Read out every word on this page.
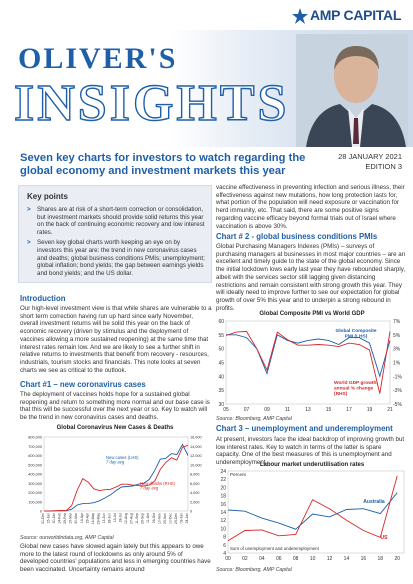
AMP CAPITAL
OLIVER'S
INSIGHTS
Seven key charts for investors to watch regarding the global economy and investment markets this year
28 JANUARY 2021
EDITION 3
Key points
> Shares are at risk of a short-term correction or consolidation, but investment markets should provide solid returns this year on the back of continuing economic recovery and low interest rates.
> Seven key global charts worth keeping an eye on by investors this year are: the trend in new coronavirus cases and deaths; global business conditions PMIs; unemployment; global inflation; bond yields; the gap between earnings yields and bond yields; and the US dollar.
Introduction
Our high-level investment view is that while shares are vulnerable to a short term correction having run up hard since early November, overall investment returns will be solid this year on the back of economic recovery (driven by stimulus and the deployment of vaccines allowing a more sustained reopening) at the same time that interest rates remain low. And we are likely to see a further shift in relative returns to investments that benefit from recovery - resources, industrials, tourism stocks and financials. This note looks at seven charts we see as critical to the outlook.
Chart #1 – new coronavirus cases
The deployment of vaccines holds hope for a sustained global reopening and return to something more normal and our base case is that this will be successful over the next year or so. Key to watch will be the trend in new coronavirus cases and deaths.
Global Coronavirus New Cases & Deaths
0
100,000
200,000
300,000
400,000
500,000
600,000
700,000
800,000
0
2,000
4,000
6,000
8,000
10,000
12,000
14,000
16,000
31-Dec 15-Jan 30-Jan 14-Feb 29-Feb 15-Mar 30-Mar 14-Apr 29-Apr 14-May 29-May 13-Jun 28-Jun 13-Jul 28-Jul 12-Aug 27-Aug 11-Sep 26-Sep 11-Oct 26-Oct 10-Nov 25-Nov 10-Dec 25-Dec 09-Jan 24-Jan
New cases (LHS) 7 day avg
New deaths (RHS) 7 day avg
Source: ourworldindata.org, AMP Capital
Global new cases have slowed again lately but this appears to owe more to the latest round of lockdowns as only around 5% of developed countries' populations and less in emerging countries have been vaccinated. Uncertainty remains around
vaccine effectiveness in preventing infection and serious illness, their effectiveness against new mutations, how long protection lasts for, what portion of the population will need exposure or vaccination for herd immunity, etc. That said, there are some positive signs regarding vaccine efficacy beyond formal trials out of Israel where vaccination is above 30%.
Chart # 2 - global business conditions PMIs
Global Purchasing Managers Indexes (PMIs) – surveys of purchasing managers at businesses in most major countries – are an excellent and timely guide to the state of the global economy. Since the initial lockdown lows early last year they have rebounded sharply, albeit with the services sector still lagging given distancing restrictions and remain consistent with strong growth this year. They will ideally need to improve further to see our expectation for global growth of over 5% this year and to underpin a strong rebound in profits.
Global Composite PMI vs World GDP
30
35
40
45
50
55
60
-5%
-3%
-1%
1%
3%
5%
7%
05	07	09	11	13	15	17	19	21
Global Composite PMI (LHS)
World GDP growth, annual % change (RHS)
Source: Bloomberg, AMP Capital
Chart 3 – unemployment and underemployment
At present, investors face the ideal backdrop of improving growth but low interest rates. Key to watch in terms of the latter is spare capacity. One of the best measures of this is unemployment and underemployment.
Labour market underutilisation rates
4
6
8
10
12
14
16
18
20
22
24 Percent
00 02 04 06 08 10 12 14 16 18 20
Australia
US
Sum of unemployment and underemployment
Source: Bloomberg, AMP Capital
